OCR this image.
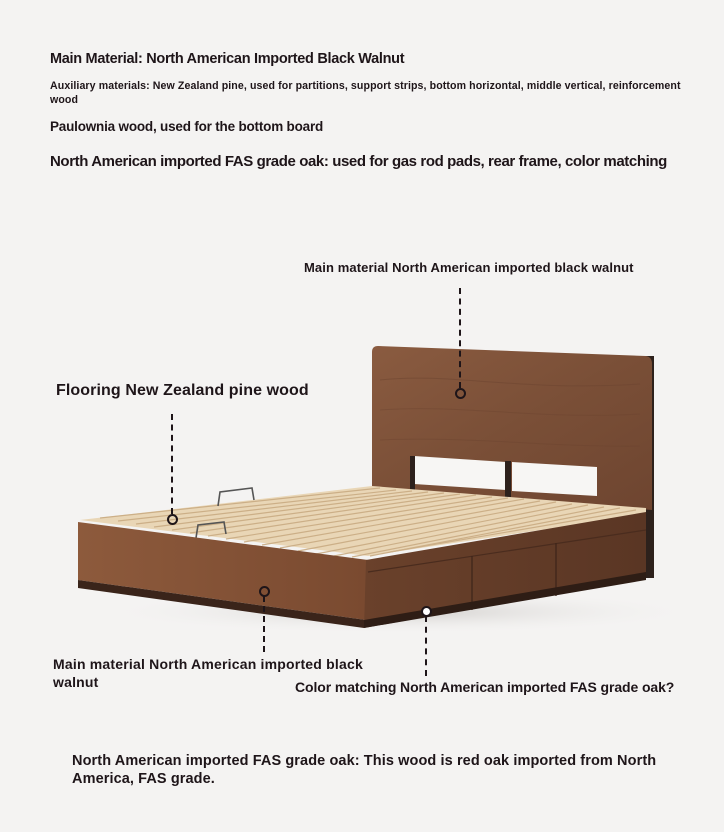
Main Material: North American Imported Black Walnut
Auxiliary materials: New Zealand pine, used for partitions, support strips, bottom horizontal, middle vertical, reinforcement wood
Paulownia wood, used for the bottom board
North American imported FAS grade oak: used for gas rod pads, rear frame, color matching
Main material North American imported black walnut
Flooring New Zealand pine wood
Main material North American imported black walnut	Color matching North American imported FAS grade oak?
North American imported FAS grade oak: This wood is red oak imported from North America, FAS grade.
